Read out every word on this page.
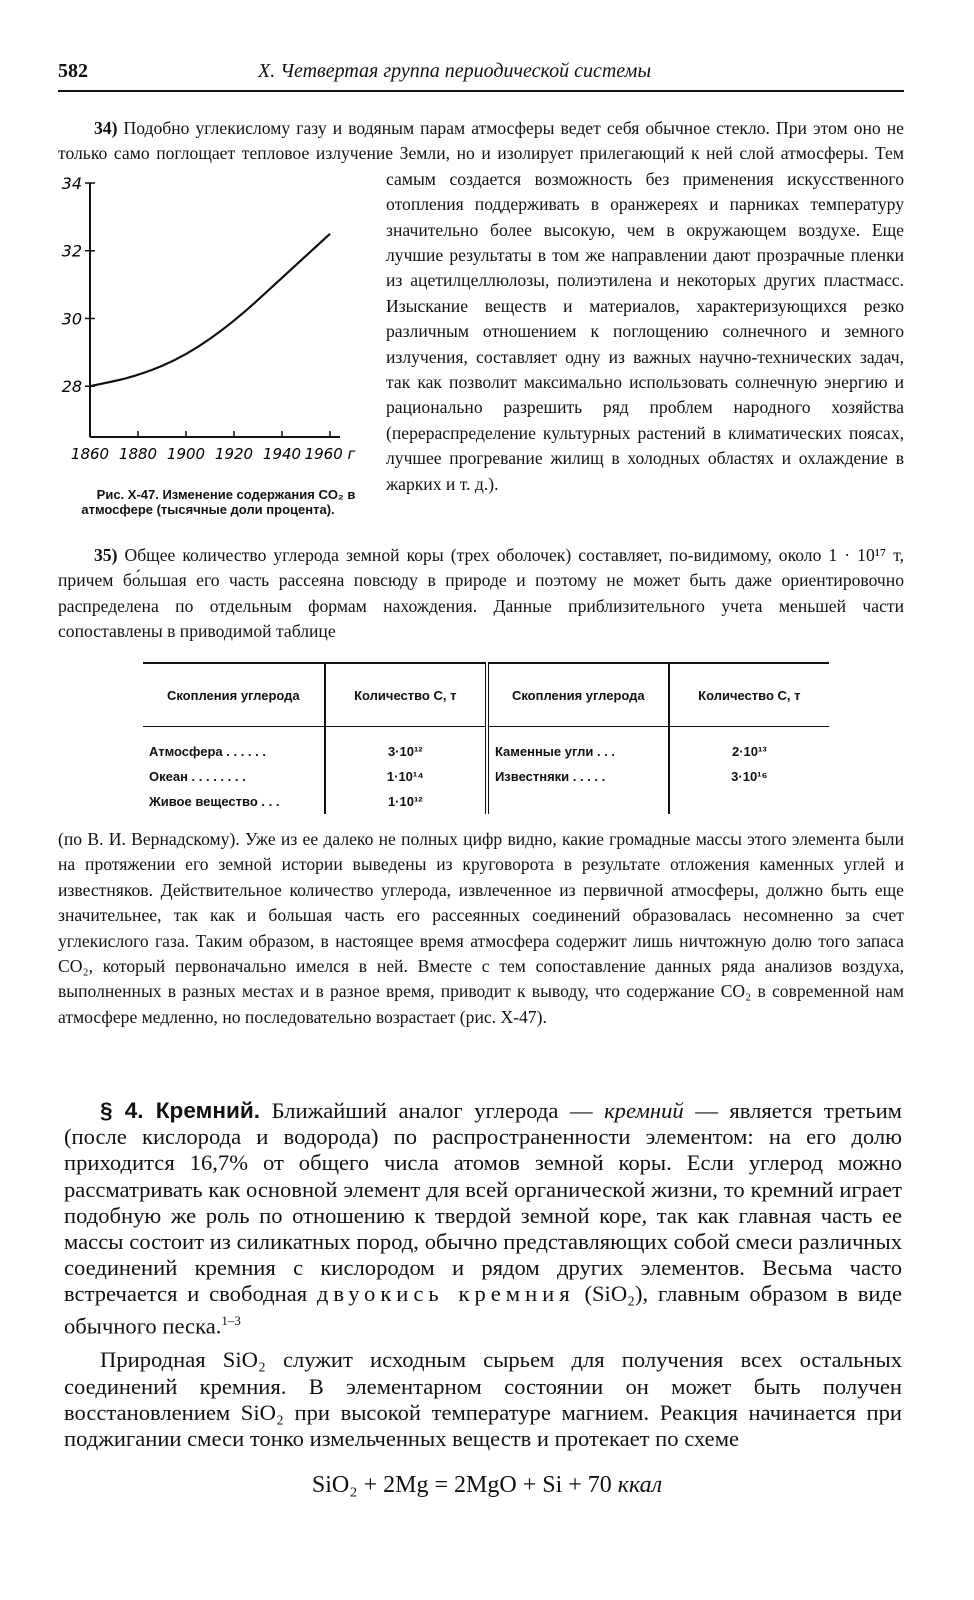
582	X. Четвертая группа периодической системы

34) Подобно углекислому газу и водяным парам атмосферы ведет себя обычное стекло. При этом оно не только само поглощает тепловое излучение Земли, но и изолирует прилегающий к ней слой атмосферы. Тем самым создается возможность без
28
30
32
34
1860 1880 1900 1920 1940 1960 г
Рис. X-47. Изменение содержания CO₂ в атмосфере (тысячные доли процента).
применения искусственного отопления поддерживать в оранжереях и парниках температуру значительно более высокую, чем в окружающем воздухе. Еще лучшие результаты в том же направлении дают прозрачные пленки из ацетилцеллюлозы, полиэтилена и некоторых других пластмасс. Изыскание веществ и материалов, характеризующихся резко различным отношением к поглощению солнечного и земного излучения, составляет одну из важных научно-технических задач, так как позволит максимально использовать солнечную энергию и рационально разрешить ряд проблем народного хозяйства (перераспределение культурных растений в климатических поясах, лучшее прогревание жилищ в холодных областях и охлаждение в жарких и т. д.).

35) Общее количество углерода земной коры (трех оболочек) составляет, по-видимому, около 1 · 10¹⁷ т, причем бо́льшая его часть рассеяна повсюду в природе и поэтому не может быть даже ориентировочно распределена по отдельным формам нахождения. Данные приблизительного учета меньшей части сопоставлены в приводимой таблице

Скопления углерода	Количество С, т	Скопления углерода	Количество С, т
Атмосфера . . . . . .	3·10¹²	Каменные угли . . .	2·10¹³
Океан . . . . . . . .	1·10¹⁴	Известняки . . . . .	3·10¹⁶
Живое вещество . . .	1·10¹²		

(по В. И. Вернадскому). Уже из ее далеко не полных цифр видно, какие громадные массы этого элемента были на протяжении его земной истории выведены из круговорота в результате отложения каменных углей и известняков. Действительное количество углерода, извлеченное из первичной атмосферы, должно быть еще значительнее, так как и большая часть его рассеянных соединений образовалась несомненно за счет углекислого газа. Таким образом, в настоящее время атмосфера содержит лишь ничтожную долю того запаса CO₂, который первоначально имелся в ней. Вместе с тем сопоставление данных ряда анализов воздуха, выполненных в разных местах и в разное время, приводит к выводу, что содержание CO₂ в современной нам атмосфере медленно, но последовательно возрастает (рис. X-47).

§ 4. Кремний. Ближайший аналог углерода — кремний — является третьим (после кислорода и водорода) по распространенности элементом: на его долю приходится 16,7% от общего числа атомов земной коры. Если углерод можно рассматривать как основной элемент для всей органической жизни, то кремний играет подобную же роль по отношению к твердой земной коре, так как главная часть ее массы состоит из силикатных пород, обычно представляющих собой смеси различных соединений кремния с кислородом и рядом других элементов. Весьма часто встречается и свободная двуокись кремния (SiO₂), главным образом в виде обычного песка.$^{1-3}$

Природная SiO₂ служит исходным сырьем для получения всех остальных соединений кремния. В элементарном состоянии он может быть получен восстановлением SiO₂ при высокой температуре магнием. Реакция начинается при поджигании смеси тонко измельченных веществ и протекает по схеме

SiO₂ + 2Mg = 2MgO + Si + 70 ккал
